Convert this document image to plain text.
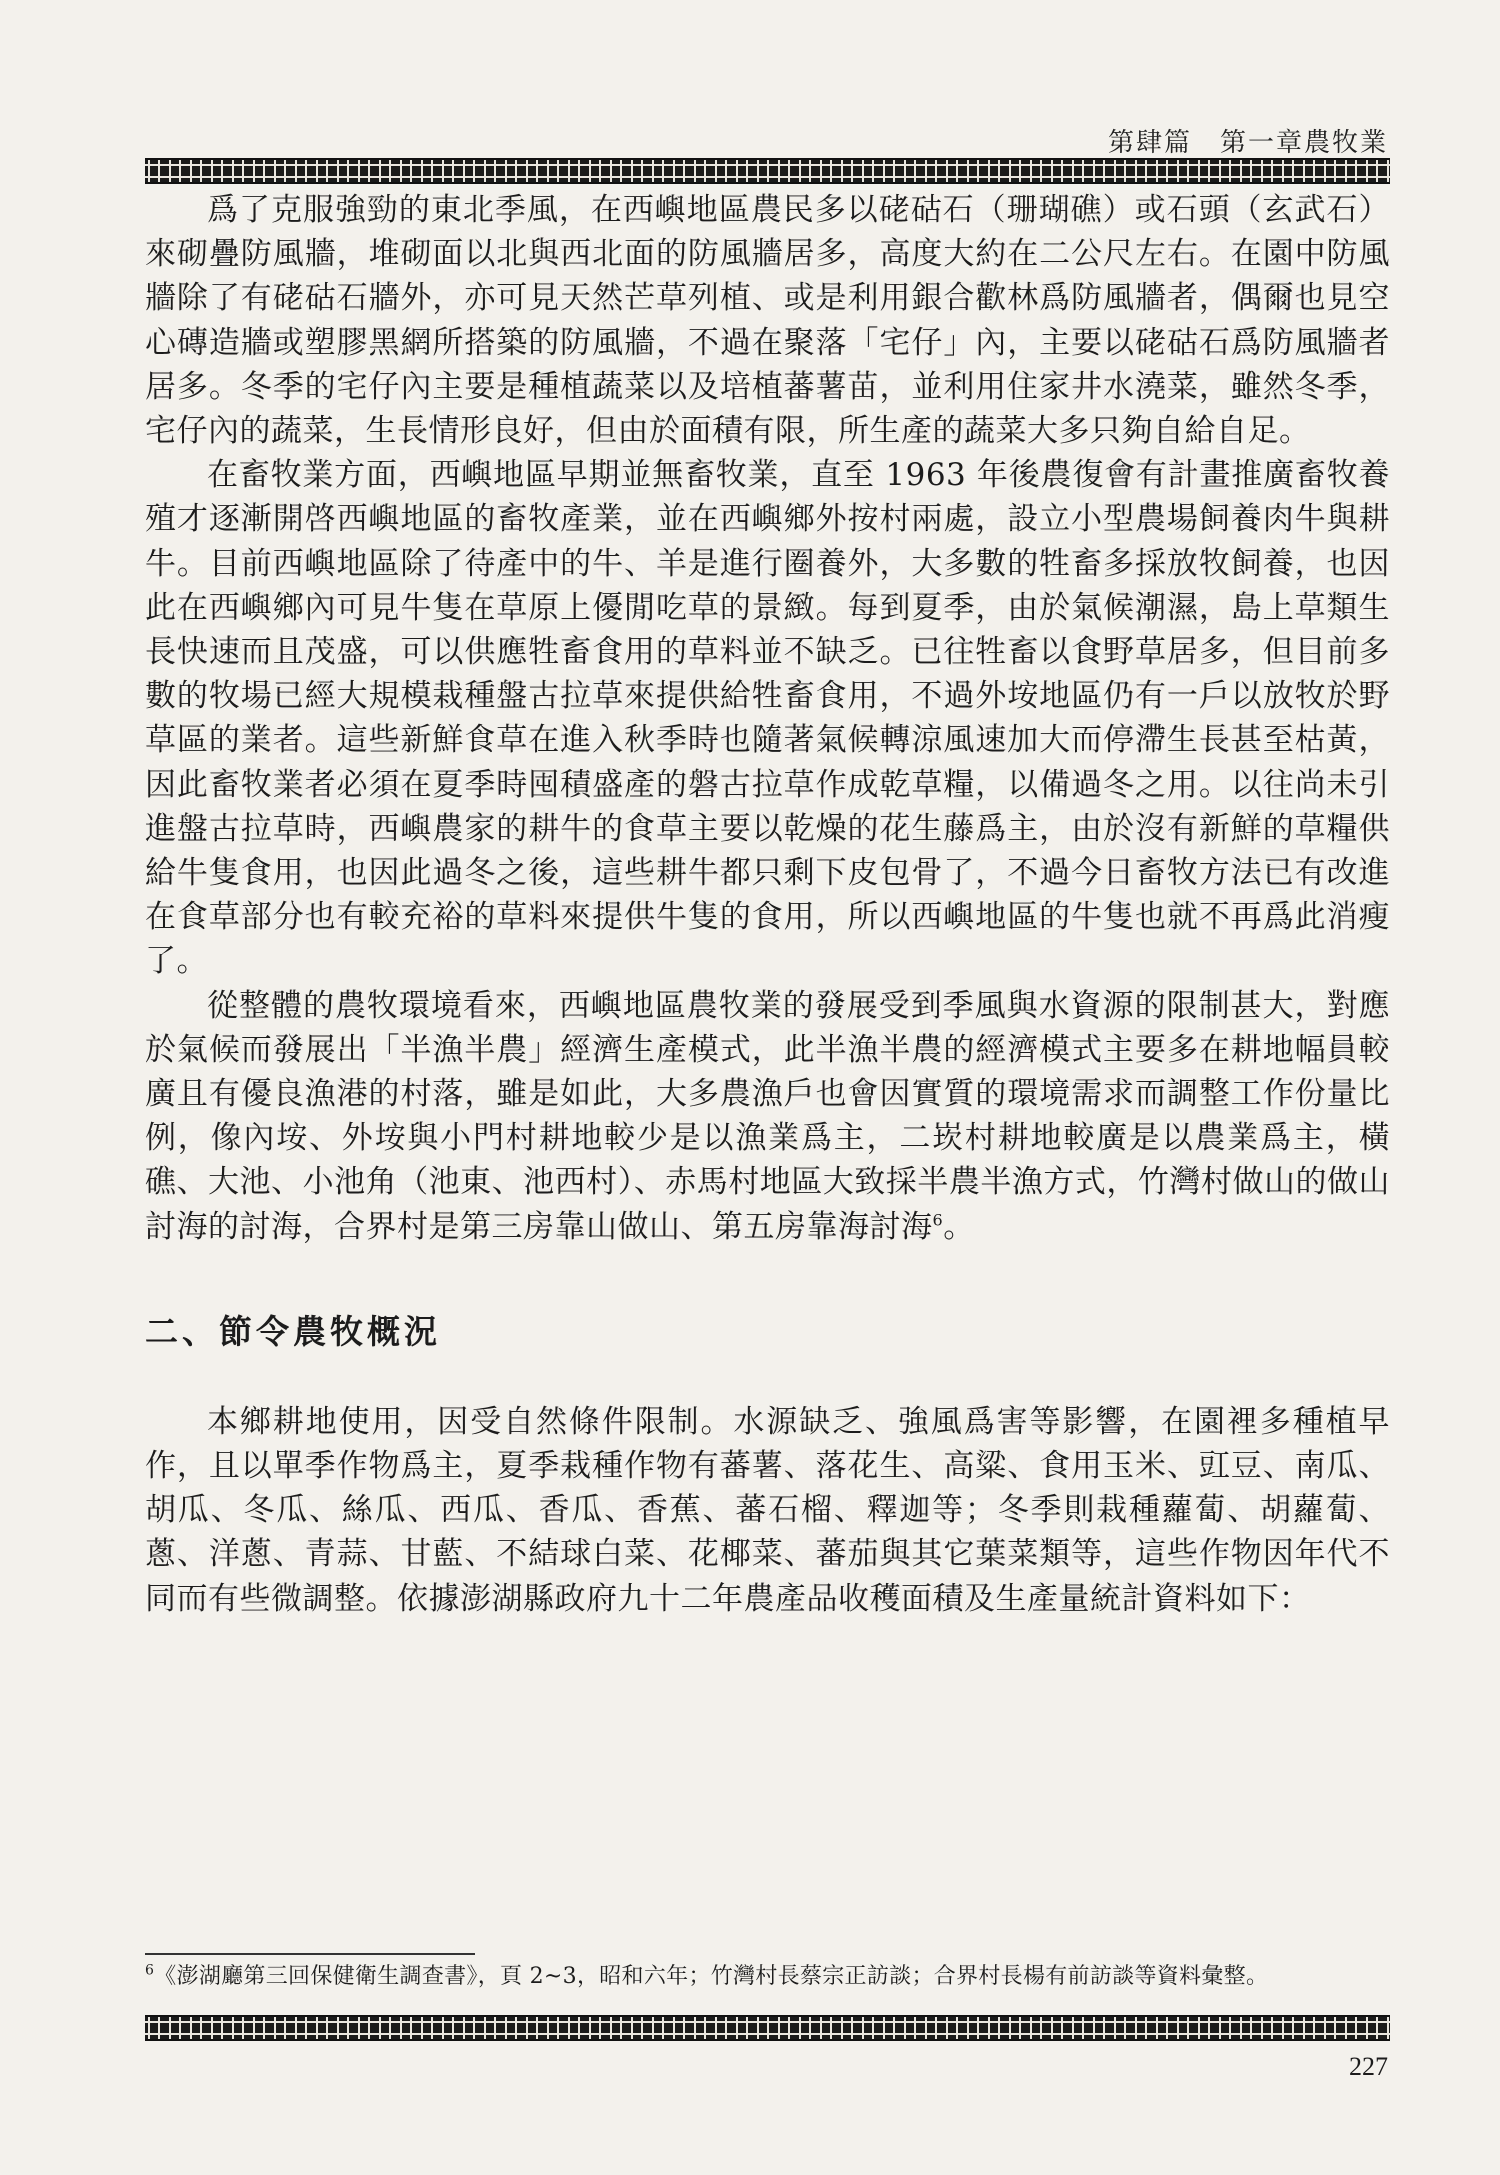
第肆篇　第一章農牧業

爲了克服強勁的東北季風，在西嶼地區農民多以硓𥑮石（珊瑚礁）或石頭（玄武石）來砌疊防風牆，堆砌面以北與西北面的防風牆居多，高度大約在二公尺左右。在園中防風牆除了有硓𥑮石牆外，亦可見天然芒草列植、或是利用銀合歡林爲防風牆者，偶爾也見空心磚造牆或塑膠黑網所搭築的防風牆，不過在聚落「宅仔」內，主要以硓𥑮石爲防風牆者居多。冬季的宅仔內主要是種植蔬菜以及培植蕃薯苗，並利用住家井水澆菜，雖然冬季，宅仔內的蔬菜，生長情形良好，但由於面積有限，所生產的蔬菜大多只夠自給自足。

在畜牧業方面，西嶼地區早期並無畜牧業，直至 1963 年後農復會有計畫推廣畜牧養殖才逐漸開啓西嶼地區的畜牧產業，並在西嶼鄉外按村兩處，設立小型農場飼養肉牛與耕牛。目前西嶼地區除了待產中的牛、羊是進行圈養外，大多數的牲畜多採放牧飼養，也因此在西嶼鄉內可見牛隻在草原上優閒吃草的景緻。每到夏季，由於氣候潮濕，島上草類生長快速而且茂盛，可以供應牲畜食用的草料並不缺乏。已往牲畜以食野草居多，但目前多數的牧場已經大規模栽種盤古拉草來提供給牲畜食用，不過外垵地區仍有一戶以放牧於野草區的業者。這些新鮮食草在進入秋季時也隨著氣候轉涼風速加大而停滯生長甚至枯黃，因此畜牧業者必須在夏季時囤積盛產的磐古拉草作成乾草糧，以備過冬之用。以往尚未引進盤古拉草時，西嶼農家的耕牛的食草主要以乾燥的花生藤爲主，由於沒有新鮮的草糧供給牛隻食用，也因此過冬之後，這些耕牛都只剩下皮包骨了，不過今日畜牧方法已有改進在食草部分也有較充裕的草料來提供牛隻的食用，所以西嶼地區的牛隻也就不再爲此消瘦了。

從整體的農牧環境看來，西嶼地區農牧業的發展受到季風與水資源的限制甚大，對應於氣候而發展出「半漁半農」經濟生產模式，此半漁半農的經濟模式主要多在耕地幅員較廣且有優良漁港的村落，雖是如此，大多農漁戶也會因實質的環境需求而調整工作份量比例，像內垵、外垵與小門村耕地較少是以漁業爲主，二崁村耕地較廣是以農業爲主，橫礁、大池、小池角（池東、池西村）、赤馬村地區大致採半農半漁方式，竹灣村做山的做山討海的討海，合界村是第三房靠山做山、第五房靠海討海$^6$。

二、節令農牧概況

本鄉耕地使用，因受自然條件限制。水源缺乏、強風爲害等影響，在園裡多種植早作，且以單季作物爲主，夏季栽種作物有蕃薯、落花生、高粱、食用玉米、豇豆、南瓜、胡瓜、冬瓜、絲瓜、西瓜、香瓜、香蕉、蕃石榴、釋迦等；冬季則栽種蘿蔔、胡蘿蔔、蔥、洋蔥、青蒜、甘藍、不結球白菜、花椰菜、蕃茄與其它葉菜類等，這些作物因年代不同而有些微調整。依據澎湖縣政府九十二年農產品收穫面積及生產量統計資料如下：

$^6$《澎湖廳第三回保健衛生調查書》，頁 2~3，昭和六年；竹灣村長蔡宗正訪談；合界村長楊有前訪談等資料彙整。
227
